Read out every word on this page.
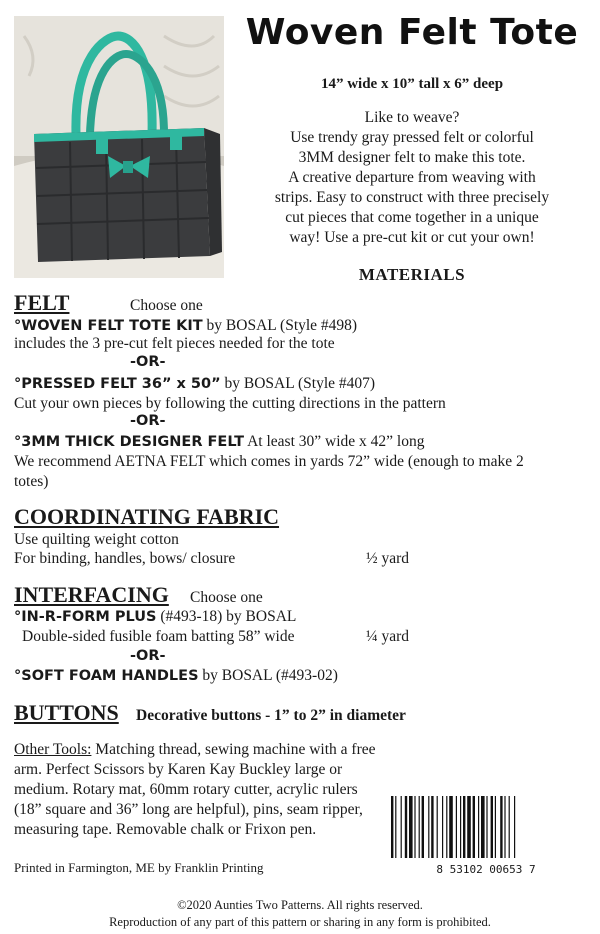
Woven Felt Tote
14” wide x 10” tall x 6” deep
Like to weave?
Use trendy gray pressed felt or colorful
3MM designer felt to make this tote.
A creative departure from weaving with
strips. Easy to construct with three precisely
cut pieces that come together in a unique
way! Use a pre-cut kit or cut your own!
MATERIALS
FELT	Choose one
°WOVEN FELT TOTE KIT by BOSAL (Style #498)
includes the 3 pre-cut felt pieces needed for the tote
-OR-
°PRESSED FELT 36” x 50” by BOSAL (Style #407)
Cut your own pieces by following the cutting directions in the pattern
-OR-
°3MM THICK DESIGNER FELT At least 30” wide x 42” long
We recommend AETNA FELT which comes in yards 72” wide (enough to make 2 totes)
COORDINATING FABRIC
Use quilting weight cotton
For binding, handles, bows/ closure	½ yard
INTERFACING Choose one
°IN-R-FORM PLUS (#493-18) by BOSAL
Double-sided fusible foam batting 58” wide	¼ yard
-OR-
°SOFT FOAM HANDLES by BOSAL (#493-02)
BUTTONS Decorative buttons - 1” to 2” in diameter
Other Tools: Matching thread, sewing machine with a free arm. Perfect Scissors by Karen Kay Buckley large or medium. Rotary mat, 60mm rotary cutter, acrylic rulers (18” square and 36” long are helpful), pins, seam ripper, measuring tape. Removable chalk or Frixon pen.
8 53102 00653 7
Printed in Farmington, ME by Franklin Printing
©2020 Aunties Two Patterns. All rights reserved.
Reproduction of any part of this pattern or sharing in any form is prohibited.
